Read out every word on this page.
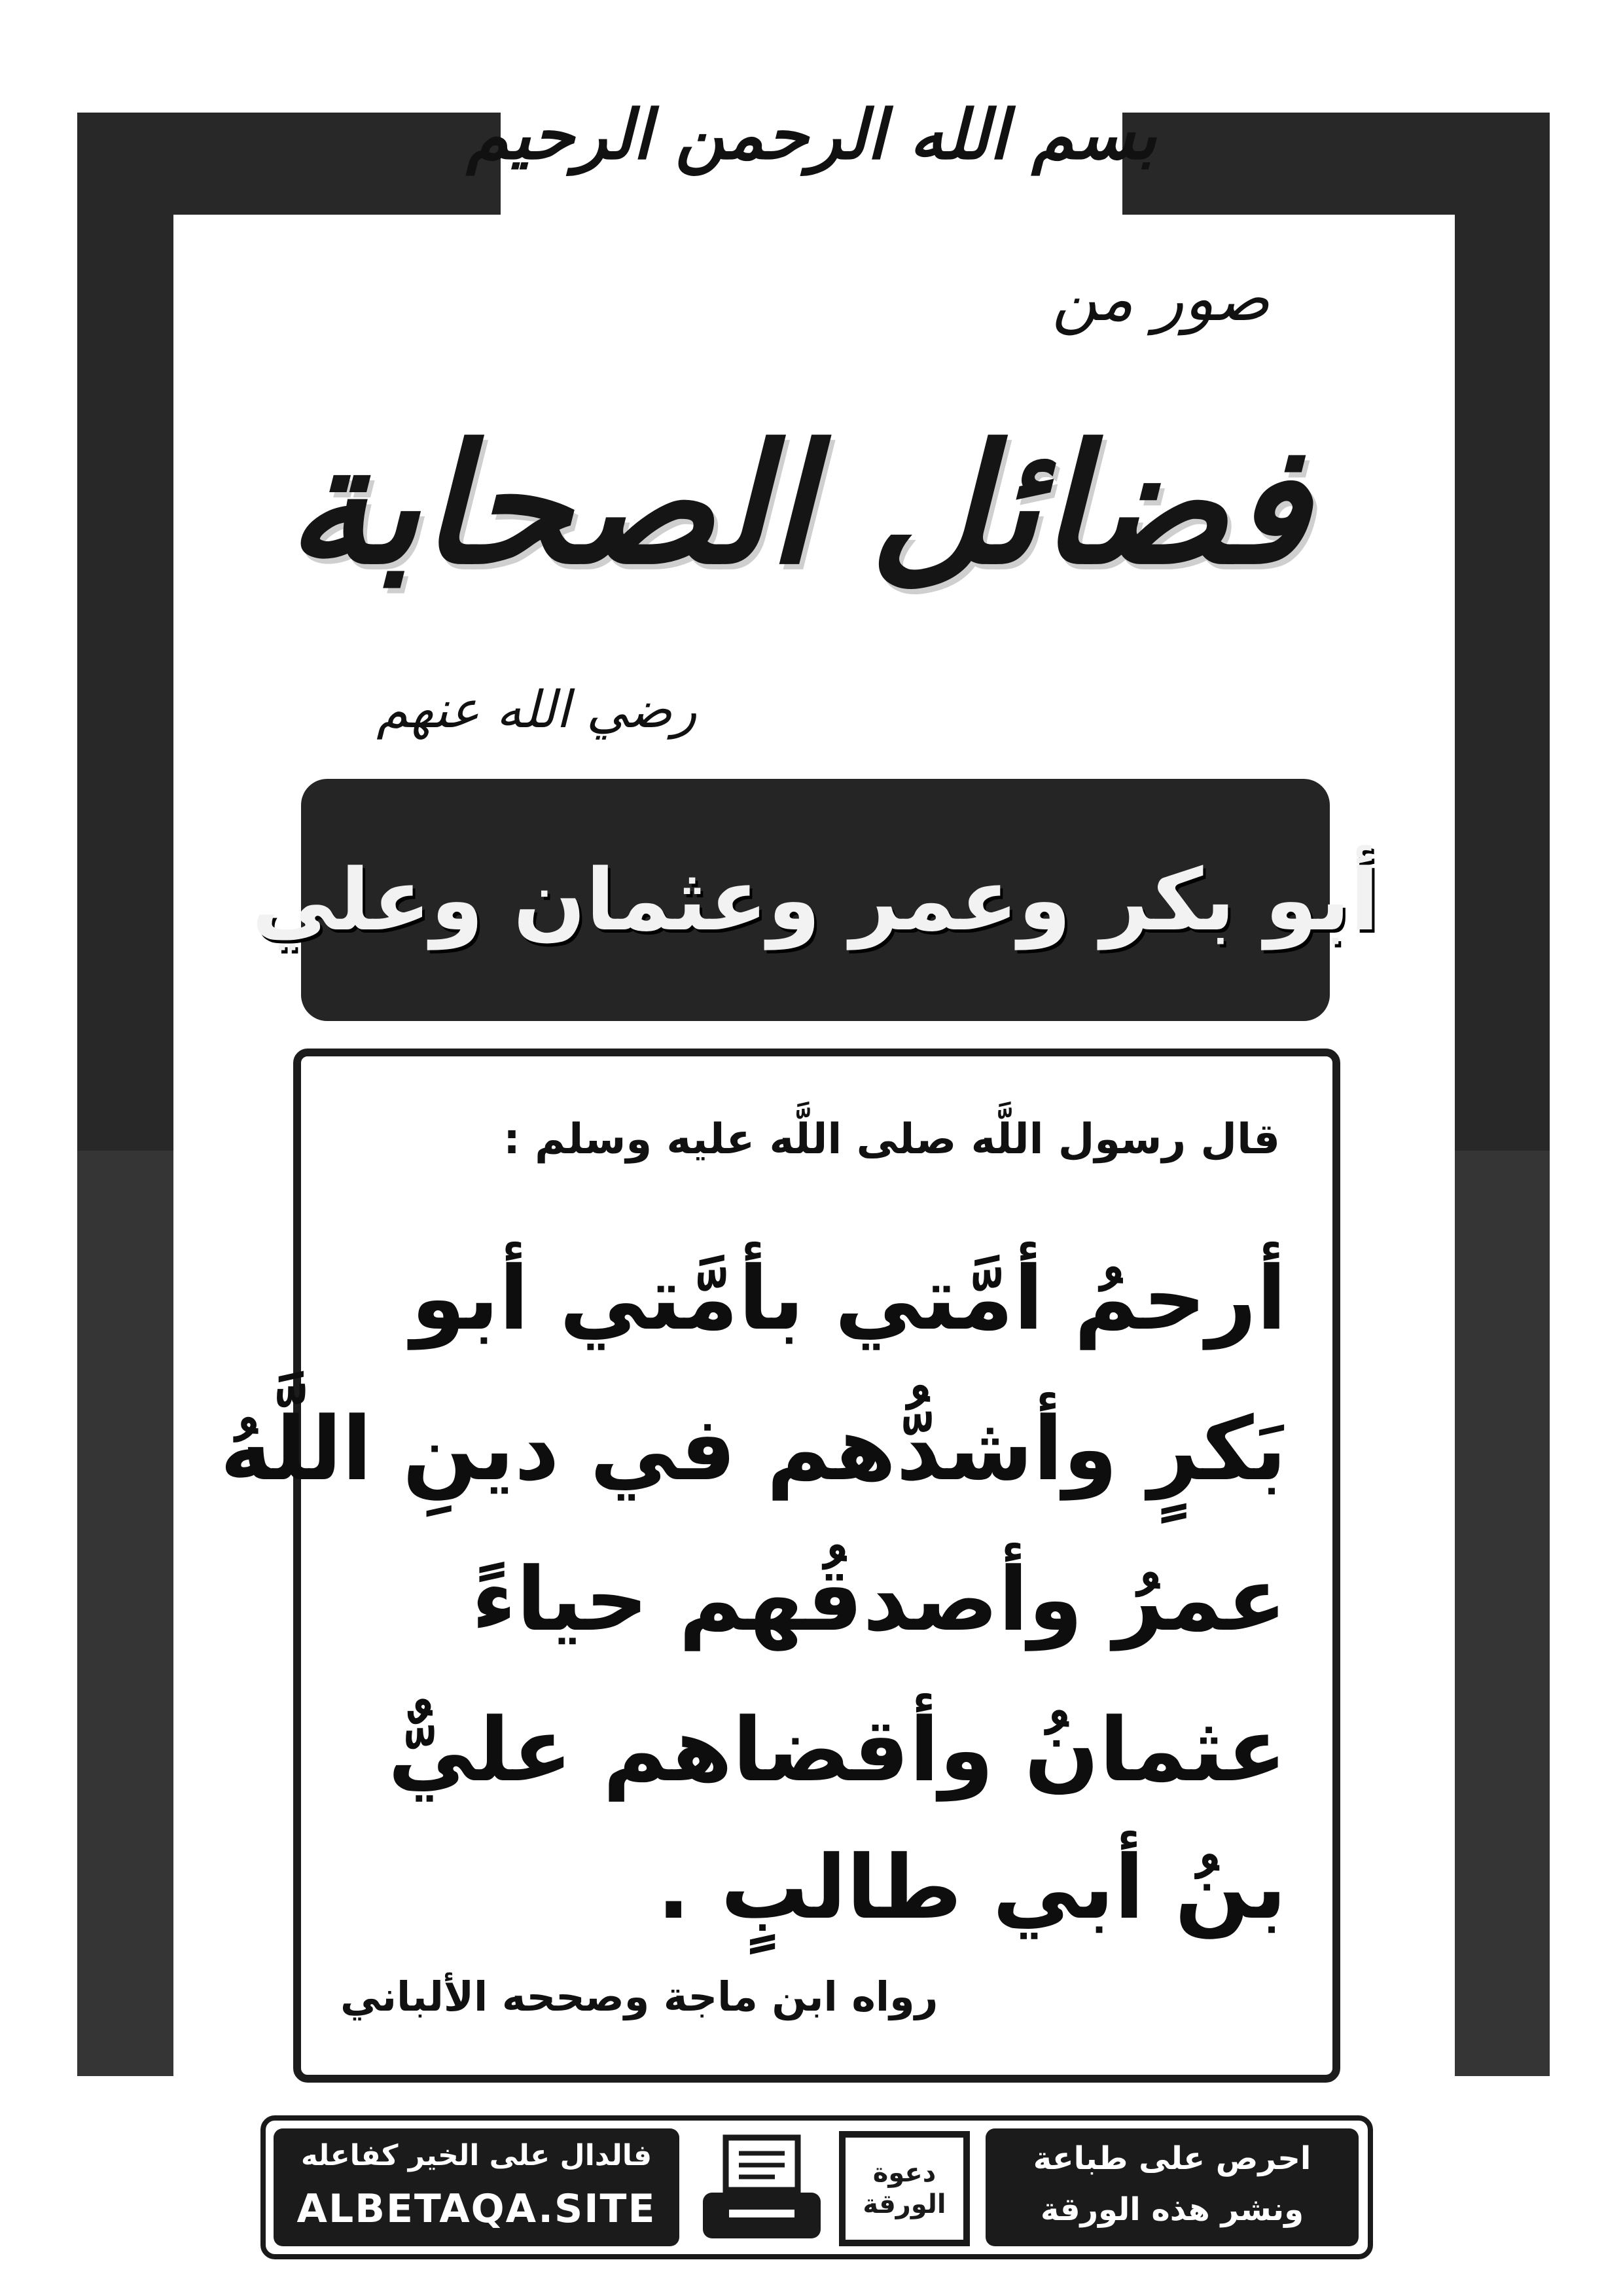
بسم الله الرحمن الرحيم
صور من
فضائل الصحابة
رضي الله عنهم
أبو بكر وعمر وعثمان وعلي
قال رسول اللَّه صلى اللَّه عليه وسلم :
أرحمُ أمَّتي بأمَّتي أبو
بَكرٍ وأشدُّهم في دينِ اللَّهُ
عمرُ وأصدقُهم حياءً
عثمانُ وأقضاهم عليٌّ
بنُ أبي طالبٍ .
رواه ابن ماجة وصححه الألباني
فالدال على الخير كفاعله
ALBETAQA.SITE
دعوة الورقة
احرص على طباعة
ونشر هذه الورقة
